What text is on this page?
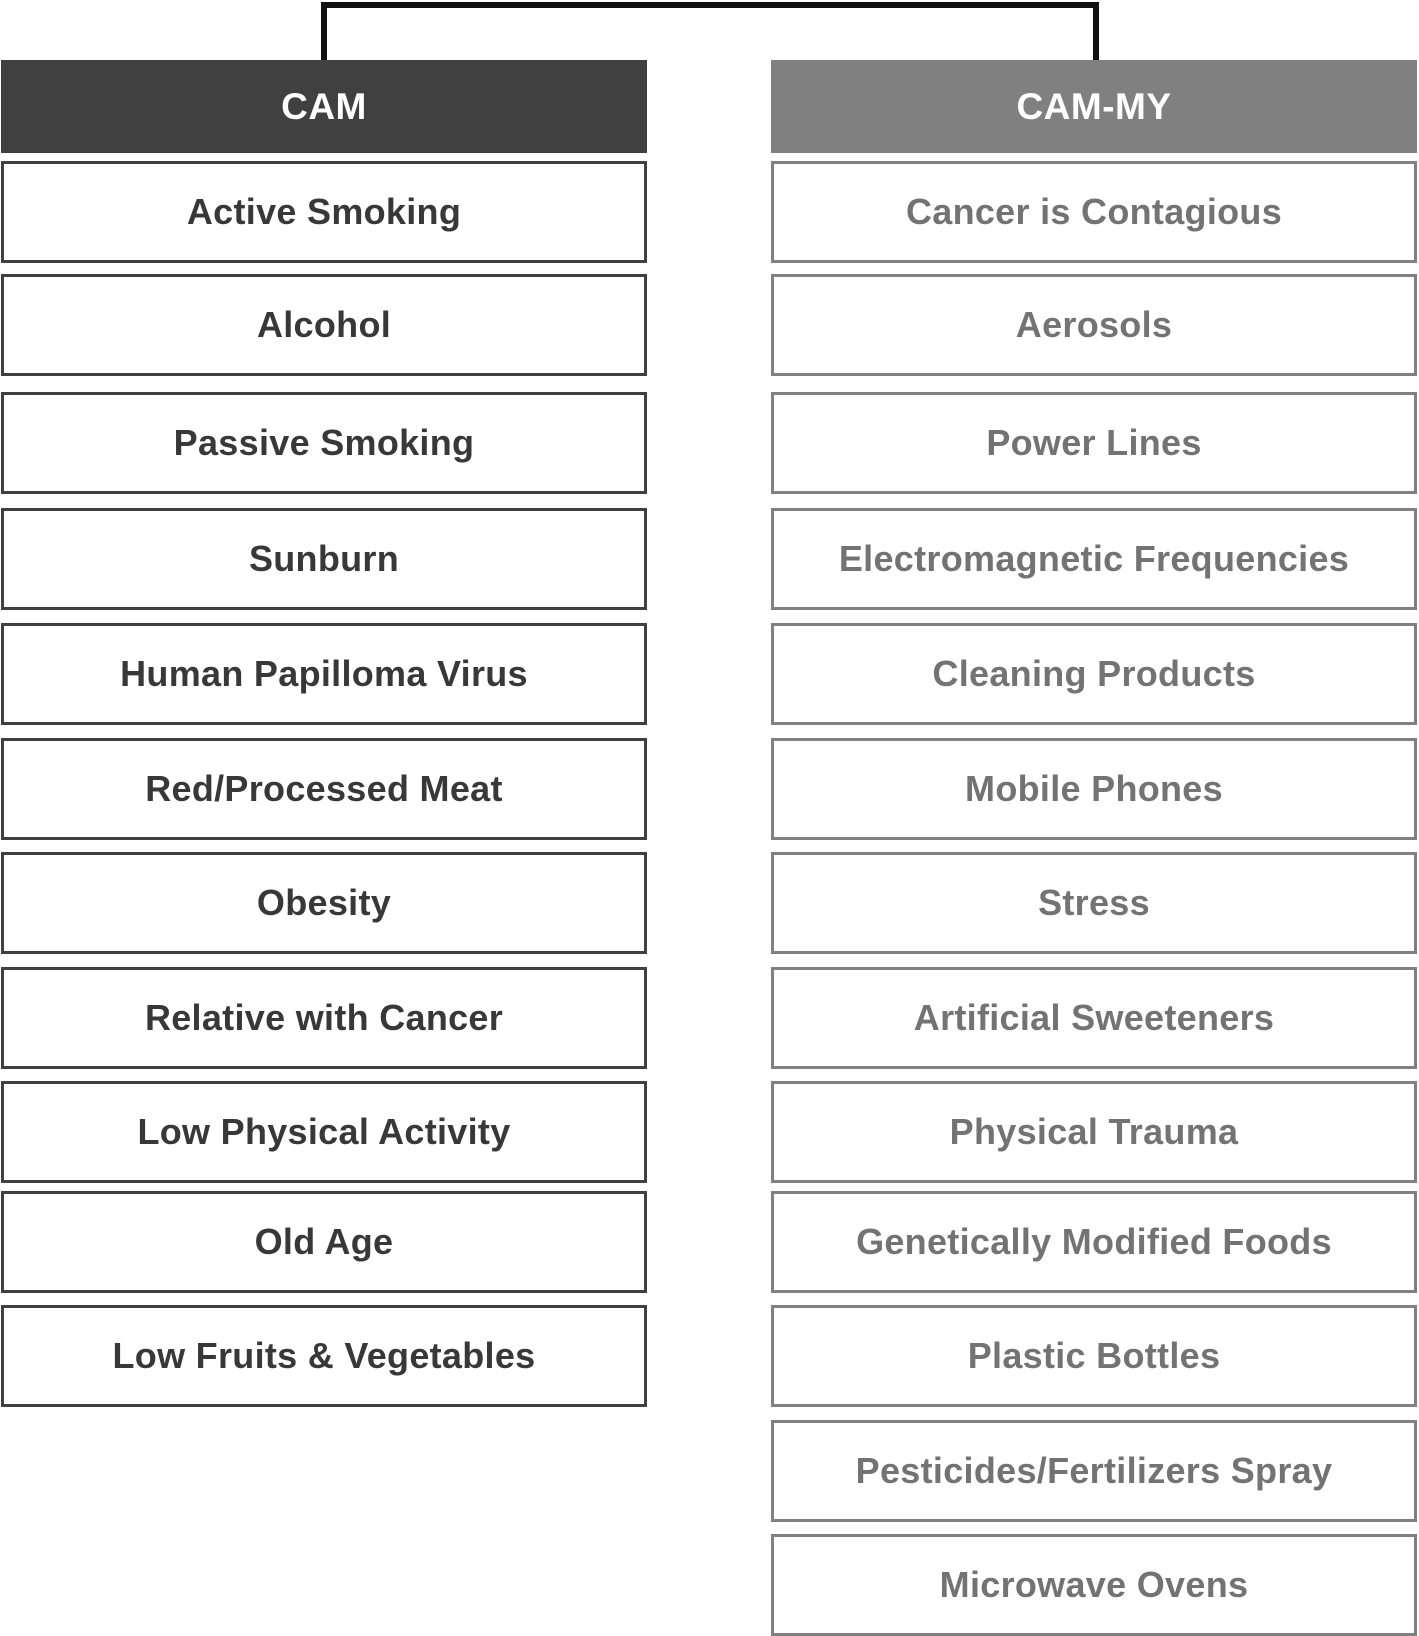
CAM
Active Smoking
Alcohol
Passive Smoking
Sunburn
Human Papilloma Virus
Red/Processed Meat
Obesity
Relative with Cancer
Low Physical Activity
Old Age
Low Fruits & Vegetables
CAM-MY
Cancer is Contagious
Aerosols
Power Lines
Electromagnetic Frequencies
Cleaning Products
Mobile Phones
Stress
Artificial Sweeteners
Physical Trauma
Genetically Modified Foods
Plastic Bottles
Pesticides/Fertilizers Spray
Microwave Ovens
